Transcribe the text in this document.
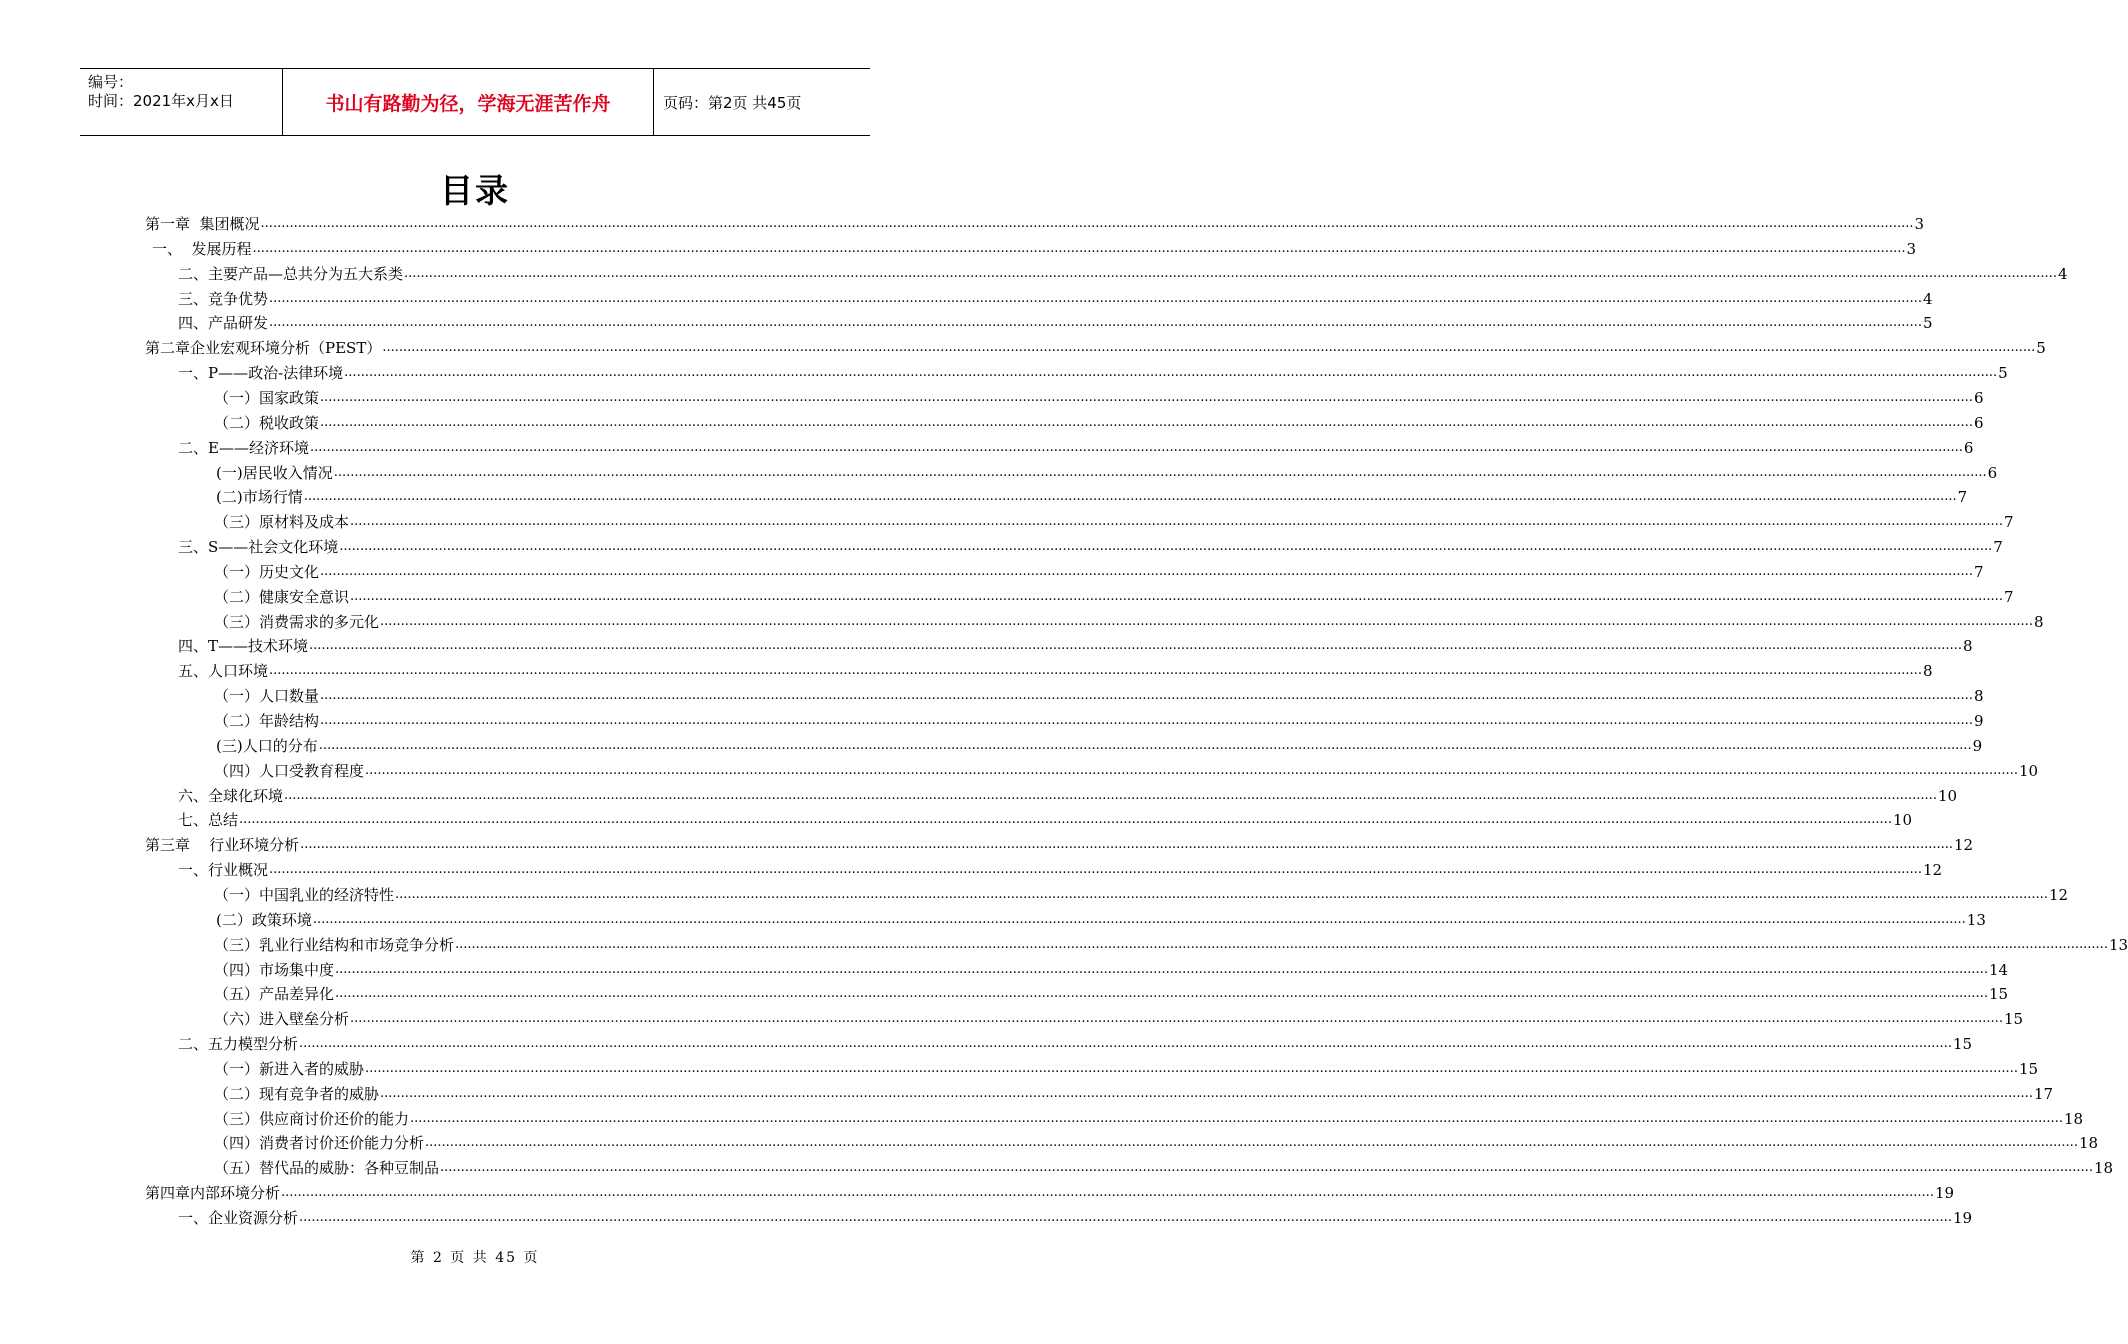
编号：
时间：2021年x月x日	书山有路勤为径，学海无涯苦作舟	页码：第2页 共45页
目录
第一章  集团概况 ................................................................................................................................................................................................................................................................................................................................................................................................................ 3
一、  发展历程 ................................................................................................................................................................................................................................................................................................................................................................................................................ 3
二、主要产品—总共分为五大系类 ................................................................................................................................................................................................................................................................................................................................................................................................................ 4
三、竞争优势 ................................................................................................................................................................................................................................................................................................................................................................................................................ 4
四、产品研发 ................................................................................................................................................................................................................................................................................................................................................................................................................ 5
第二章企业宏观环境分析（PEST） ................................................................................................................................................................................................................................................................................................................................................................................................................ 5
一、P——政治-法律环境 ................................................................................................................................................................................................................................................................................................................................................................................................................ 5
（一）国家政策 ................................................................................................................................................................................................................................................................................................................................................................................................................ 6
（二）税收政策 ................................................................................................................................................................................................................................................................................................................................................................................................................ 6
二、E——经济环境 ................................................................................................................................................................................................................................................................................................................................................................................................................ 6
(一)居民收入情况 ................................................................................................................................................................................................................................................................................................................................................................................................................ 6
(二)市场行情 ................................................................................................................................................................................................................................................................................................................................................................................................................ 7
（三）原材料及成本 ................................................................................................................................................................................................................................................................................................................................................................................................................ 7
三、S——社会文化环境 ................................................................................................................................................................................................................................................................................................................................................................................................................ 7
（一）历史文化 ................................................................................................................................................................................................................................................................................................................................................................................................................ 7
（二）健康安全意识 ................................................................................................................................................................................................................................................................................................................................................................................................................ 7
（三）消费需求的多元化 ................................................................................................................................................................................................................................................................................................................................................................................................................ 8
四、T——技术环境 ................................................................................................................................................................................................................................................................................................................................................................................................................ 8
五、人口环境 ................................................................................................................................................................................................................................................................................................................................................................................................................ 8
（一）人口数量 ................................................................................................................................................................................................................................................................................................................................................................................................................ 8
（二）年龄结构 ................................................................................................................................................................................................................................................................................................................................................................................................................ 9
(三)人口的分布 ................................................................................................................................................................................................................................................................................................................................................................................................................ 9
（四）人口受教育程度 ................................................................................................................................................................................................................................................................................................................................................................................................................ 10
六、全球化环境 ................................................................................................................................................................................................................................................................................................................................................................................................................ 10
七、总结 ................................................................................................................................................................................................................................................................................................................................................................................................................ 10
第三章    行业环境分析 ................................................................................................................................................................................................................................................................................................................................................................................................................ 12
一、行业概况 ................................................................................................................................................................................................................................................................................................................................................................................................................ 12
（一）中国乳业的经济特性 ................................................................................................................................................................................................................................................................................................................................................................................................................ 12
(二）政策环境 ................................................................................................................................................................................................................................................................................................................................................................................................................ 13
（三）乳业行业结构和市场竞争分析 ................................................................................................................................................................................................................................................................................................................................................................................................................ 13
（四）市场集中度 ................................................................................................................................................................................................................................................................................................................................................................................................................ 14
（五）产品差异化 ................................................................................................................................................................................................................................................................................................................................................................................................................ 15
（六）进入壁垒分析 ................................................................................................................................................................................................................................................................................................................................................................................................................ 15
二、五力模型分析 ................................................................................................................................................................................................................................................................................................................................................................................................................ 15
（一）新进入者的威胁 ................................................................................................................................................................................................................................................................................................................................................................................................................ 15
（二）现有竞争者的威胁 ................................................................................................................................................................................................................................................................................................................................................................................................................ 17
（三）供应商讨价还价的能力 ................................................................................................................................................................................................................................................................................................................................................................................................................ 18
（四）消费者讨价还价能力分析 ................................................................................................................................................................................................................................................................................................................................................................................................................ 18
（五）替代品的威胁：各种豆制品 ................................................................................................................................................................................................................................................................................................................................................................................................................ 18
第四章内部环境分析 ................................................................................................................................................................................................................................................................................................................................................................................................................ 19
一、企业资源分析 ................................................................................................................................................................................................................................................................................................................................................................................................................ 19
第 2 页 共 45 页
